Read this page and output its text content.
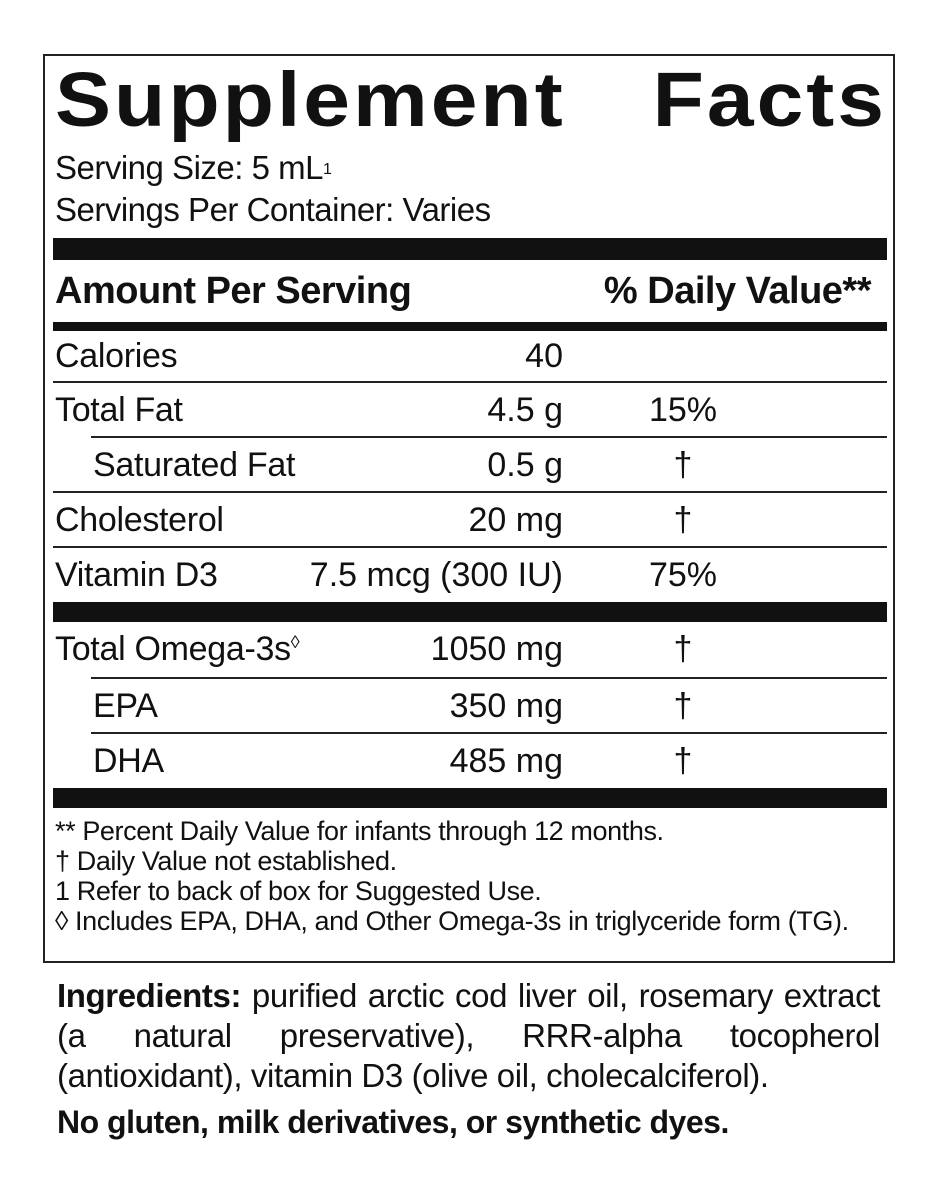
Supplement Facts
Serving Size: 5 $mL^1$
Servings Per Container: Varies
Amount Per Serving	% Daily Value**
Calories	40
Total Fat	4.5 g	15%
Saturated Fat	0.5 g	†
Cholesterol	20 mg	†
Vitamin D3	7.5 mcg (300 IU)	75%
Total Omega-3s◊	1050 mg	†
EPA	350 mg	†
DHA	485 mg	†
** Percent Daily Value for infants through 12 months.
† Daily Value not established.
1 Refer to back of box for Suggested Use.
◊ Includes EPA, DHA, and Other Omega-3s in triglyceride form (TG).
Ingredients: purified arctic cod liver oil, rosemary extract (a natural preservative), RRR-alpha tocopherol (antioxidant), vitamin D3 (olive oil, cholecalciferol).
No gluten, milk derivatives, or synthetic dyes.
